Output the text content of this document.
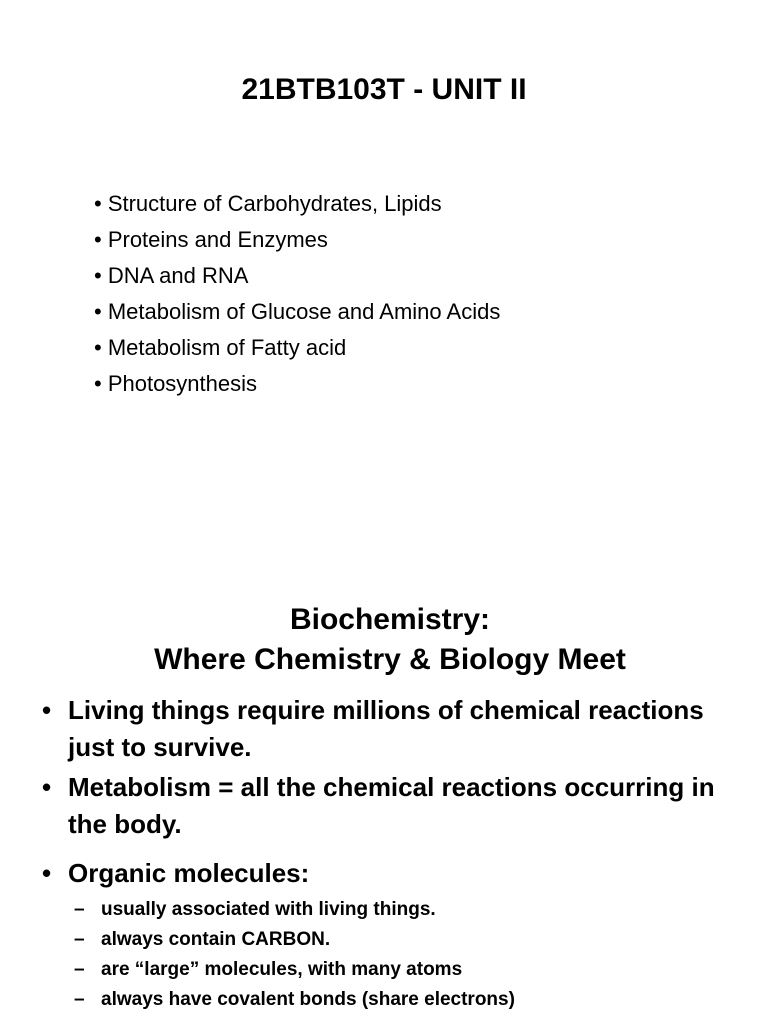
21BTB103T - UNIT II
• Structure of Carbohydrates, Lipids
• Proteins and Enzymes
• DNA and RNA
• Metabolism of Glucose and Amino Acids
• Metabolism of Fatty acid
• Photosynthesis
Biochemistry:
Where Chemistry & Biology Meet
• Living things require millions of chemical reactions just to survive.
• Metabolism = all the chemical reactions occurring in the body.
• Organic molecules:
– usually associated with living things.
– always contain CARBON.
– are “large” molecules, with many atoms
– always have covalent bonds (share electrons)
